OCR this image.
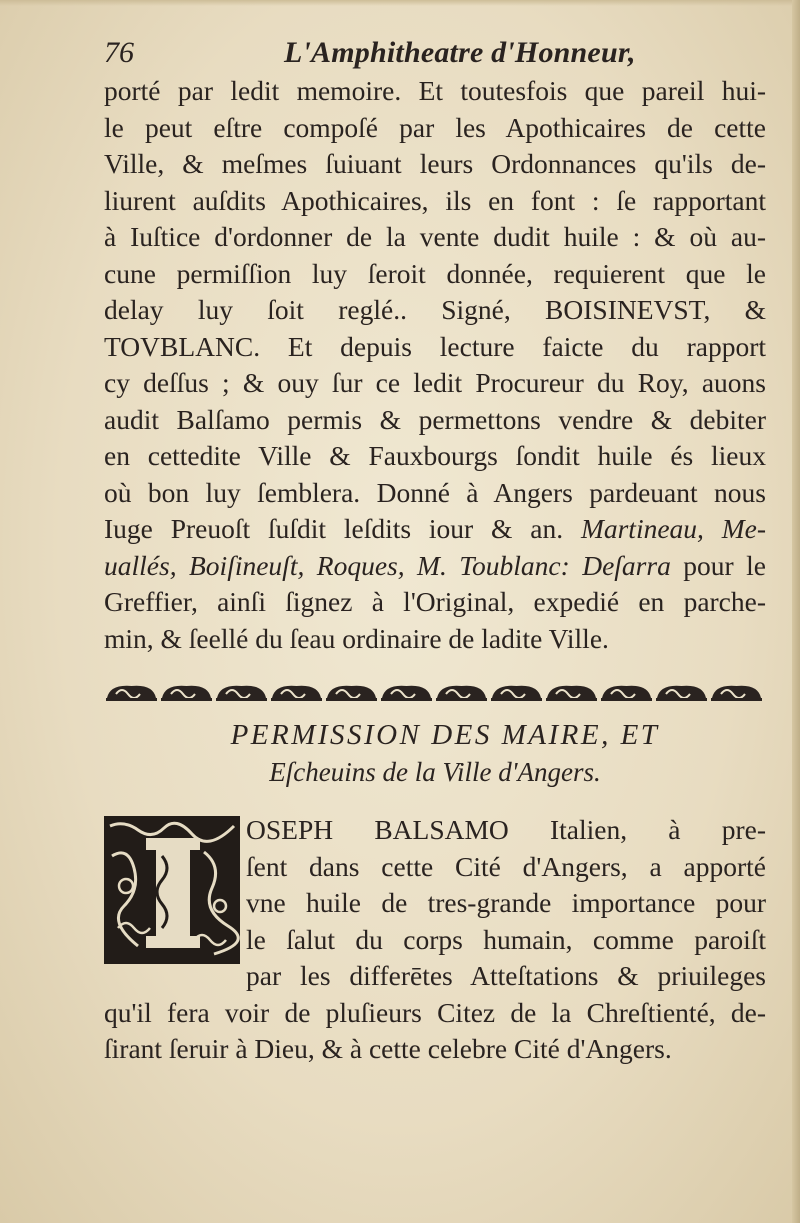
76	L'Amphitheatre d'Honneur,
porté par ledit memoire. Et toutesfois que pareil hui-
le peut eſtre compoſé par les Apothicaires de cette
Ville, & meſmes ſuiuant leurs Ordonnances qu'ils de-
liurent auſdits Apothicaires, ils en font : ſe rapportant
à Iuſtice d'ordonner de la vente dudit huile : & où au-
cune permiſſion luy ſeroit donnée, requierent que le
delay luy ſoit reglé.. Signé, BOISINEVST, &
TOVBLANC. Et depuis lecture faicte du rapport
cy deſſus ; & ouy ſur ce ledit Procureur du Roy, auons
audit Balſamo permis & permettons vendre & debiter
en cettedite Ville & Fauxbourgs ſondit huile és lieux
où bon luy ſemblera. Donné à Angers pardeuant nous
Iuge Preuoſt ſuſdit leſdits iour & an. Martineau, Me-
uallés, Boiſineuſt, Roques, M. Toublanc: Deſarra pour le
Greffier, ainſi ſignez à l'Original, expedié en parche-
min, & ſeellé du ſeau ordinaire de ladite Ville.
PERMISSION DES MAIRE, ET
Eſcheuins de la Ville d'Angers.
OSEPH BALSAMO Italien, à pre-
ſent dans cette Cité d'Angers, a apporté
vne huile de tres-grande importance pour
le ſalut du corps humain, comme paroiſt
par les differētes Atteſtations & priuileges
qu'il fera voir de pluſieurs Citez de la Chreſtienté, de-
ſirant ſeruir à Dieu, & à cette celebre Cité d'Angers.
